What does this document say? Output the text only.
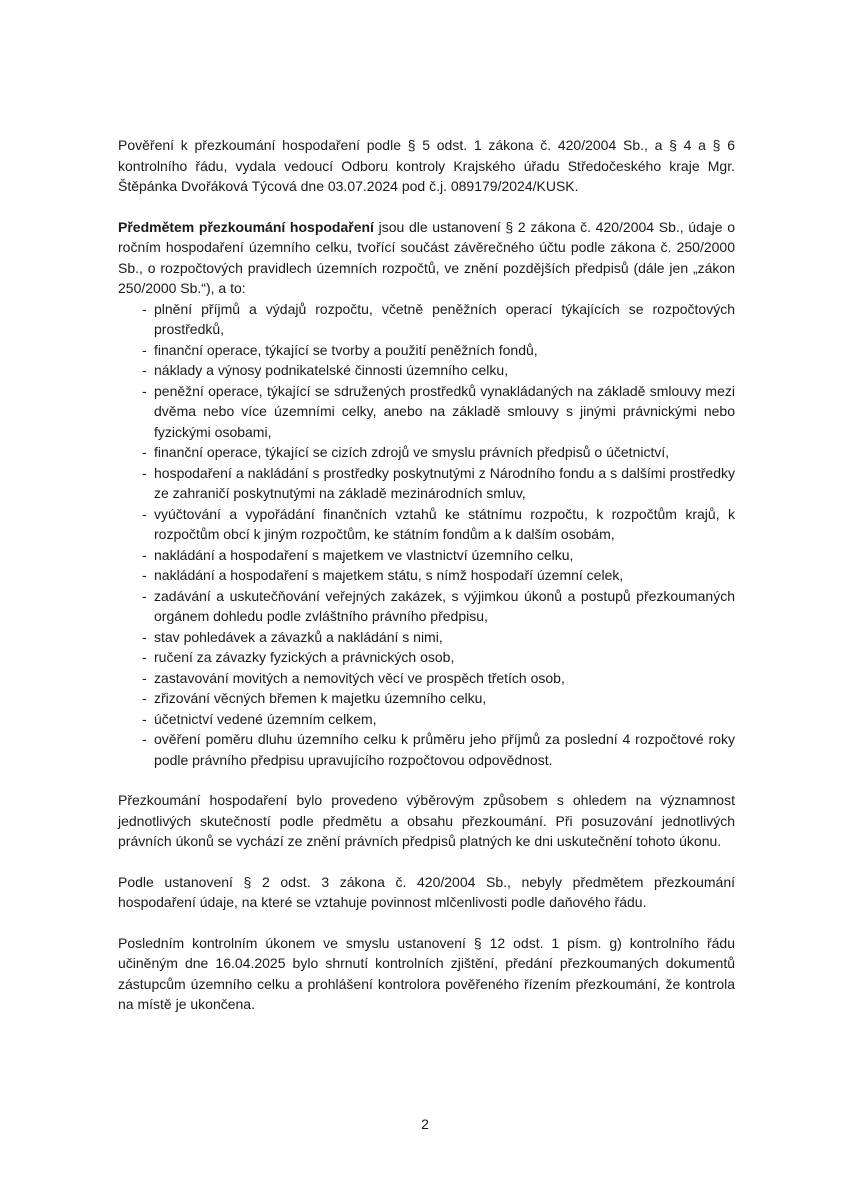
Pověření k přezkoumání hospodaření podle § 5 odst. 1 zákona č. 420/2004 Sb., a § 4 a § 6 kontrolního řádu, vydala vedoucí Odboru kontroly Krajského úřadu Středočeského kraje Mgr. Štěpánka Dvořáková Týcová dne 03.07.2024 pod č.j. 089179/2024/KUSK.

Předmětem přezkoumání hospodaření jsou dle ustanovení § 2 zákona č. 420/2004 Sb., údaje o ročním hospodaření územního celku, tvořící součást závěrečného účtu podle zákona č. 250/2000 Sb., o rozpočtových pravidlech územních rozpočtů, ve znění pozdějších předpisů (dále jen „zákon 250/2000 Sb.“), a to:

- plnění příjmů a výdajů rozpočtu, včetně peněžních operací týkajících se rozpočtových prostředků,
- finanční operace, týkající se tvorby a použití peněžních fondů,
- náklady a výnosy podnikatelské činnosti územního celku,
- peněžní operace, týkající se sdružených prostředků vynakládaných na základě smlouvy mezi dvěma nebo více územními celky, anebo na základě smlouvy s jinými právnickými nebo fyzickými osobami,
- finanční operace, týkající se cizích zdrojů ve smyslu právních předpisů o účetnictví,
- hospodaření a nakládání s prostředky poskytnutými z Národního fondu a s dalšími prostředky ze zahraničí poskytnutými na základě mezinárodních smluv,
- vyúčtování a vypořádání finančních vztahů ke státnímu rozpočtu, k rozpočtům krajů, k rozpočtům obcí k jiným rozpočtům, ke státním fondům a k dalším osobám,
- nakládání a hospodaření s majetkem ve vlastnictví územního celku,
- nakládání a hospodaření s majetkem státu, s nímž hospodaří územní celek,
- zadávání a uskutečňování veřejných zakázek, s výjimkou úkonů a postupů přezkoumaných orgánem dohledu podle zvláštního právního předpisu,
- stav pohledávek a závazků a nakládání s nimi,
- ručení za závazky fyzických a právnických osob,
- zastavování movitých a nemovitých věcí ve prospěch třetích osob,
- zřizování věcných břemen k majetku územního celku,
- účetnictví vedené územním celkem,
- ověření poměru dluhu územního celku k průměru jeho příjmů za poslední 4 rozpočtové roky podle právního předpisu upravujícího rozpočtovou odpovědnost.

Přezkoumání hospodaření bylo provedeno výběrovým způsobem s ohledem na významnost jednotlivých skutečností podle předmětu a obsahu přezkoumání. Při posuzování jednotlivých právních úkonů se vychází ze znění právních předpisů platných ke dni uskutečnění tohoto úkonu.

Podle ustanovení § 2 odst. 3 zákona č. 420/2004 Sb., nebyly předmětem přezkoumání hospodaření údaje, na které se vztahuje povinnost mlčenlivosti podle daňového řádu.

Posledním kontrolním úkonem ve smyslu ustanovení § 12 odst. 1 písm. g) kontrolního řádu učiněným dne 16.04.2025 bylo shrnutí kontrolních zjištění, předání přezkoumaných dokumentů zástupcům územního celku a prohlášení kontrolora pověřeného řízením přezkoumání, že kontrola na místě je ukončena.

2
